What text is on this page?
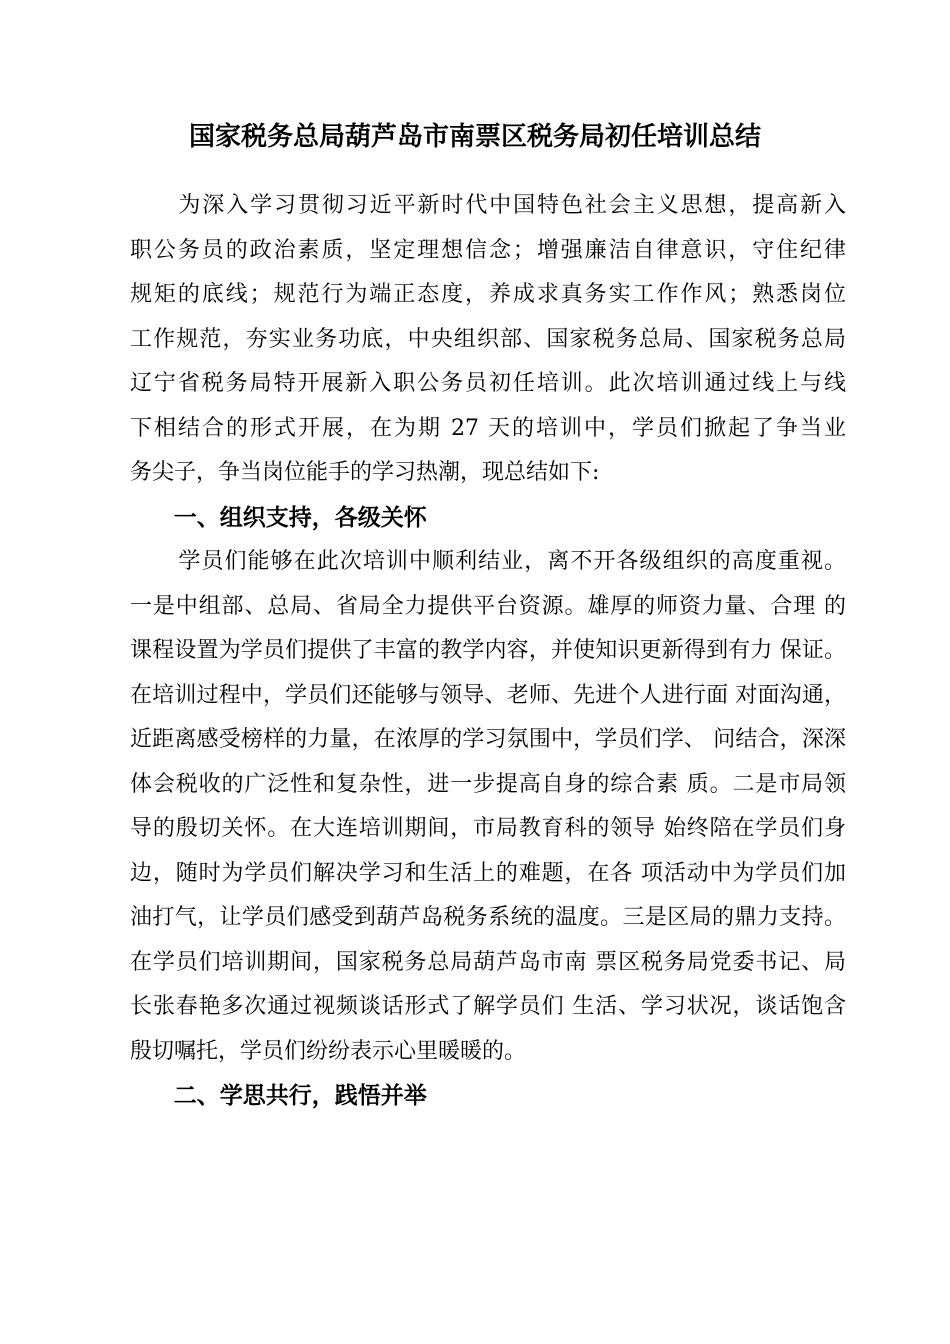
国家税务总局葫芦岛市南票区税务局初任培训总结
为深入学习贯彻习近平新时代中国特色社会主义思想，提高新入
职公务员的政治素质，坚定理想信念；增强廉洁自律意识，守住纪律
规矩的底线；规范行为端正态度，养成求真务实工作作风；熟悉岗位
工作规范，夯实业务功底，中央组织部、国家税务总局、国家税务总局
辽宁省税务局特开展新入职公务员初任培训。此次培训通过线上与线
下相结合的形式开展，在为期 27 天的培训中，学员们掀起了争当业
务尖子，争当岗位能手的学习热潮，现总结如下:
一、组织支持，各级关怀
学员们能够在此次培训中顺利结业，离不开各级组织的高度重视。
一是中组部、总局、省局全力提供平台资源。雄厚的师资力量、合理 的
课程设置为学员们提供了丰富的教学内容，并使知识更新得到有力 保证。
在培训过程中，学员们还能够与领导、老师、先进个人进行面 对面沟通，
近距离感受榜样的力量，在浓厚的学习氛围中，学员们学、 问结合，深深
体会税收的广泛性和复杂性，进一步提高自身的综合素 质。二是市局领
导的殷切关怀。在大连培训期间，市局教育科的领导 始终陪在学员们身
边，随时为学员们解决学习和生活上的难题，在各 项活动中为学员们加
油打气，让学员们感受到葫芦岛税务系统的温度。三是区局的鼎力支持。
在学员们培训期间，国家税务总局葫芦岛市南 票区税务局党委书记、局
长张春艳多次通过视频谈话形式了解学员们 生活、学习状况，谈话饱含
殷切嘱托，学员们纷纷表示心里暖暖的。
二、学思共行，践悟并举
